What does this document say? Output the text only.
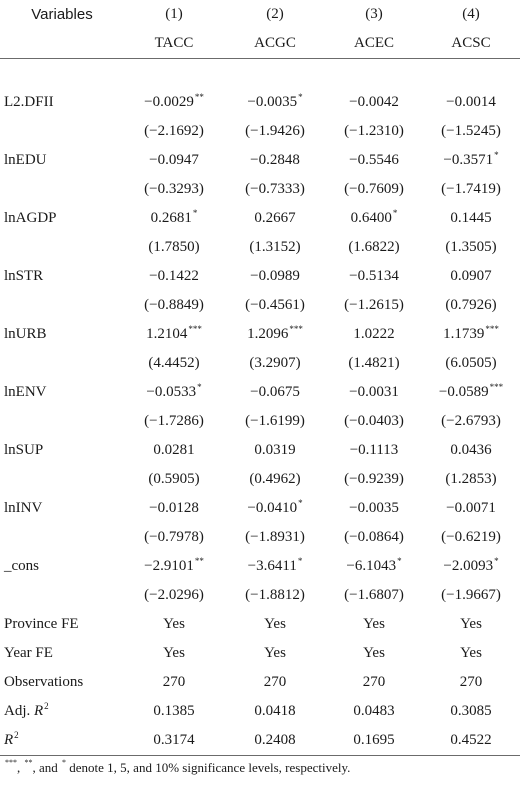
Variables	(1)	(2)	(3)	(4)
	TACC	ACGC	ACEC	ACSC

L2.DFII	−0.0029**	−0.0035*	−0.0042	−0.0014
	(−2.1692)	(−1.9426)	(−1.2310)	(−1.5245)
lnEDU	−0.0947	−0.2848	−0.5546	−0.3571*
	(−0.3293)	(−0.7333)	(−0.7609)	(−1.7419)
lnAGDP	0.2681*	0.2667	0.6400*	0.1445
	(1.7850)	(1.3152)	(1.6822)	(1.3505)
lnSTR	−0.1422	−0.0989	−0.5134	0.0907
	(−0.8849)	(−0.4561)	(−1.2615)	(0.7926)
lnURB	1.2104***	1.2096***	1.0222	1.1739***
	(4.4452)	(3.2907)	(1.4821)	(6.0505)
lnENV	−0.0533*	−0.0675	−0.0031	−0.0589***
	(−1.7286)	(−1.6199)	(−0.0403)	(−2.6793)
lnSUP	0.0281	0.0319	−0.1113	0.0436
	(0.5905)	(0.4962)	(−0.9239)	(1.2853)
lnINV	−0.0128	−0.0410*	−0.0035	−0.0071
	(−0.7978)	(−1.8931)	(−0.0864)	(−0.6219)
_cons	−2.9101**	−3.6411*	−6.1043*	−2.0093*
	(−2.0296)	(−1.8812)	(−1.6807)	(−1.9667)
Province FE	Yes	Yes	Yes	Yes
Year FE	Yes	Yes	Yes	Yes
Observations	270	270	270	270
Adj. $R^2$	0.1385	0.0418	0.0483	0.3085
$R^2$	0.3174	0.2408	0.1695	0.4522
***, **, and * denote 1, 5, and 10% significance levels, respectively.
